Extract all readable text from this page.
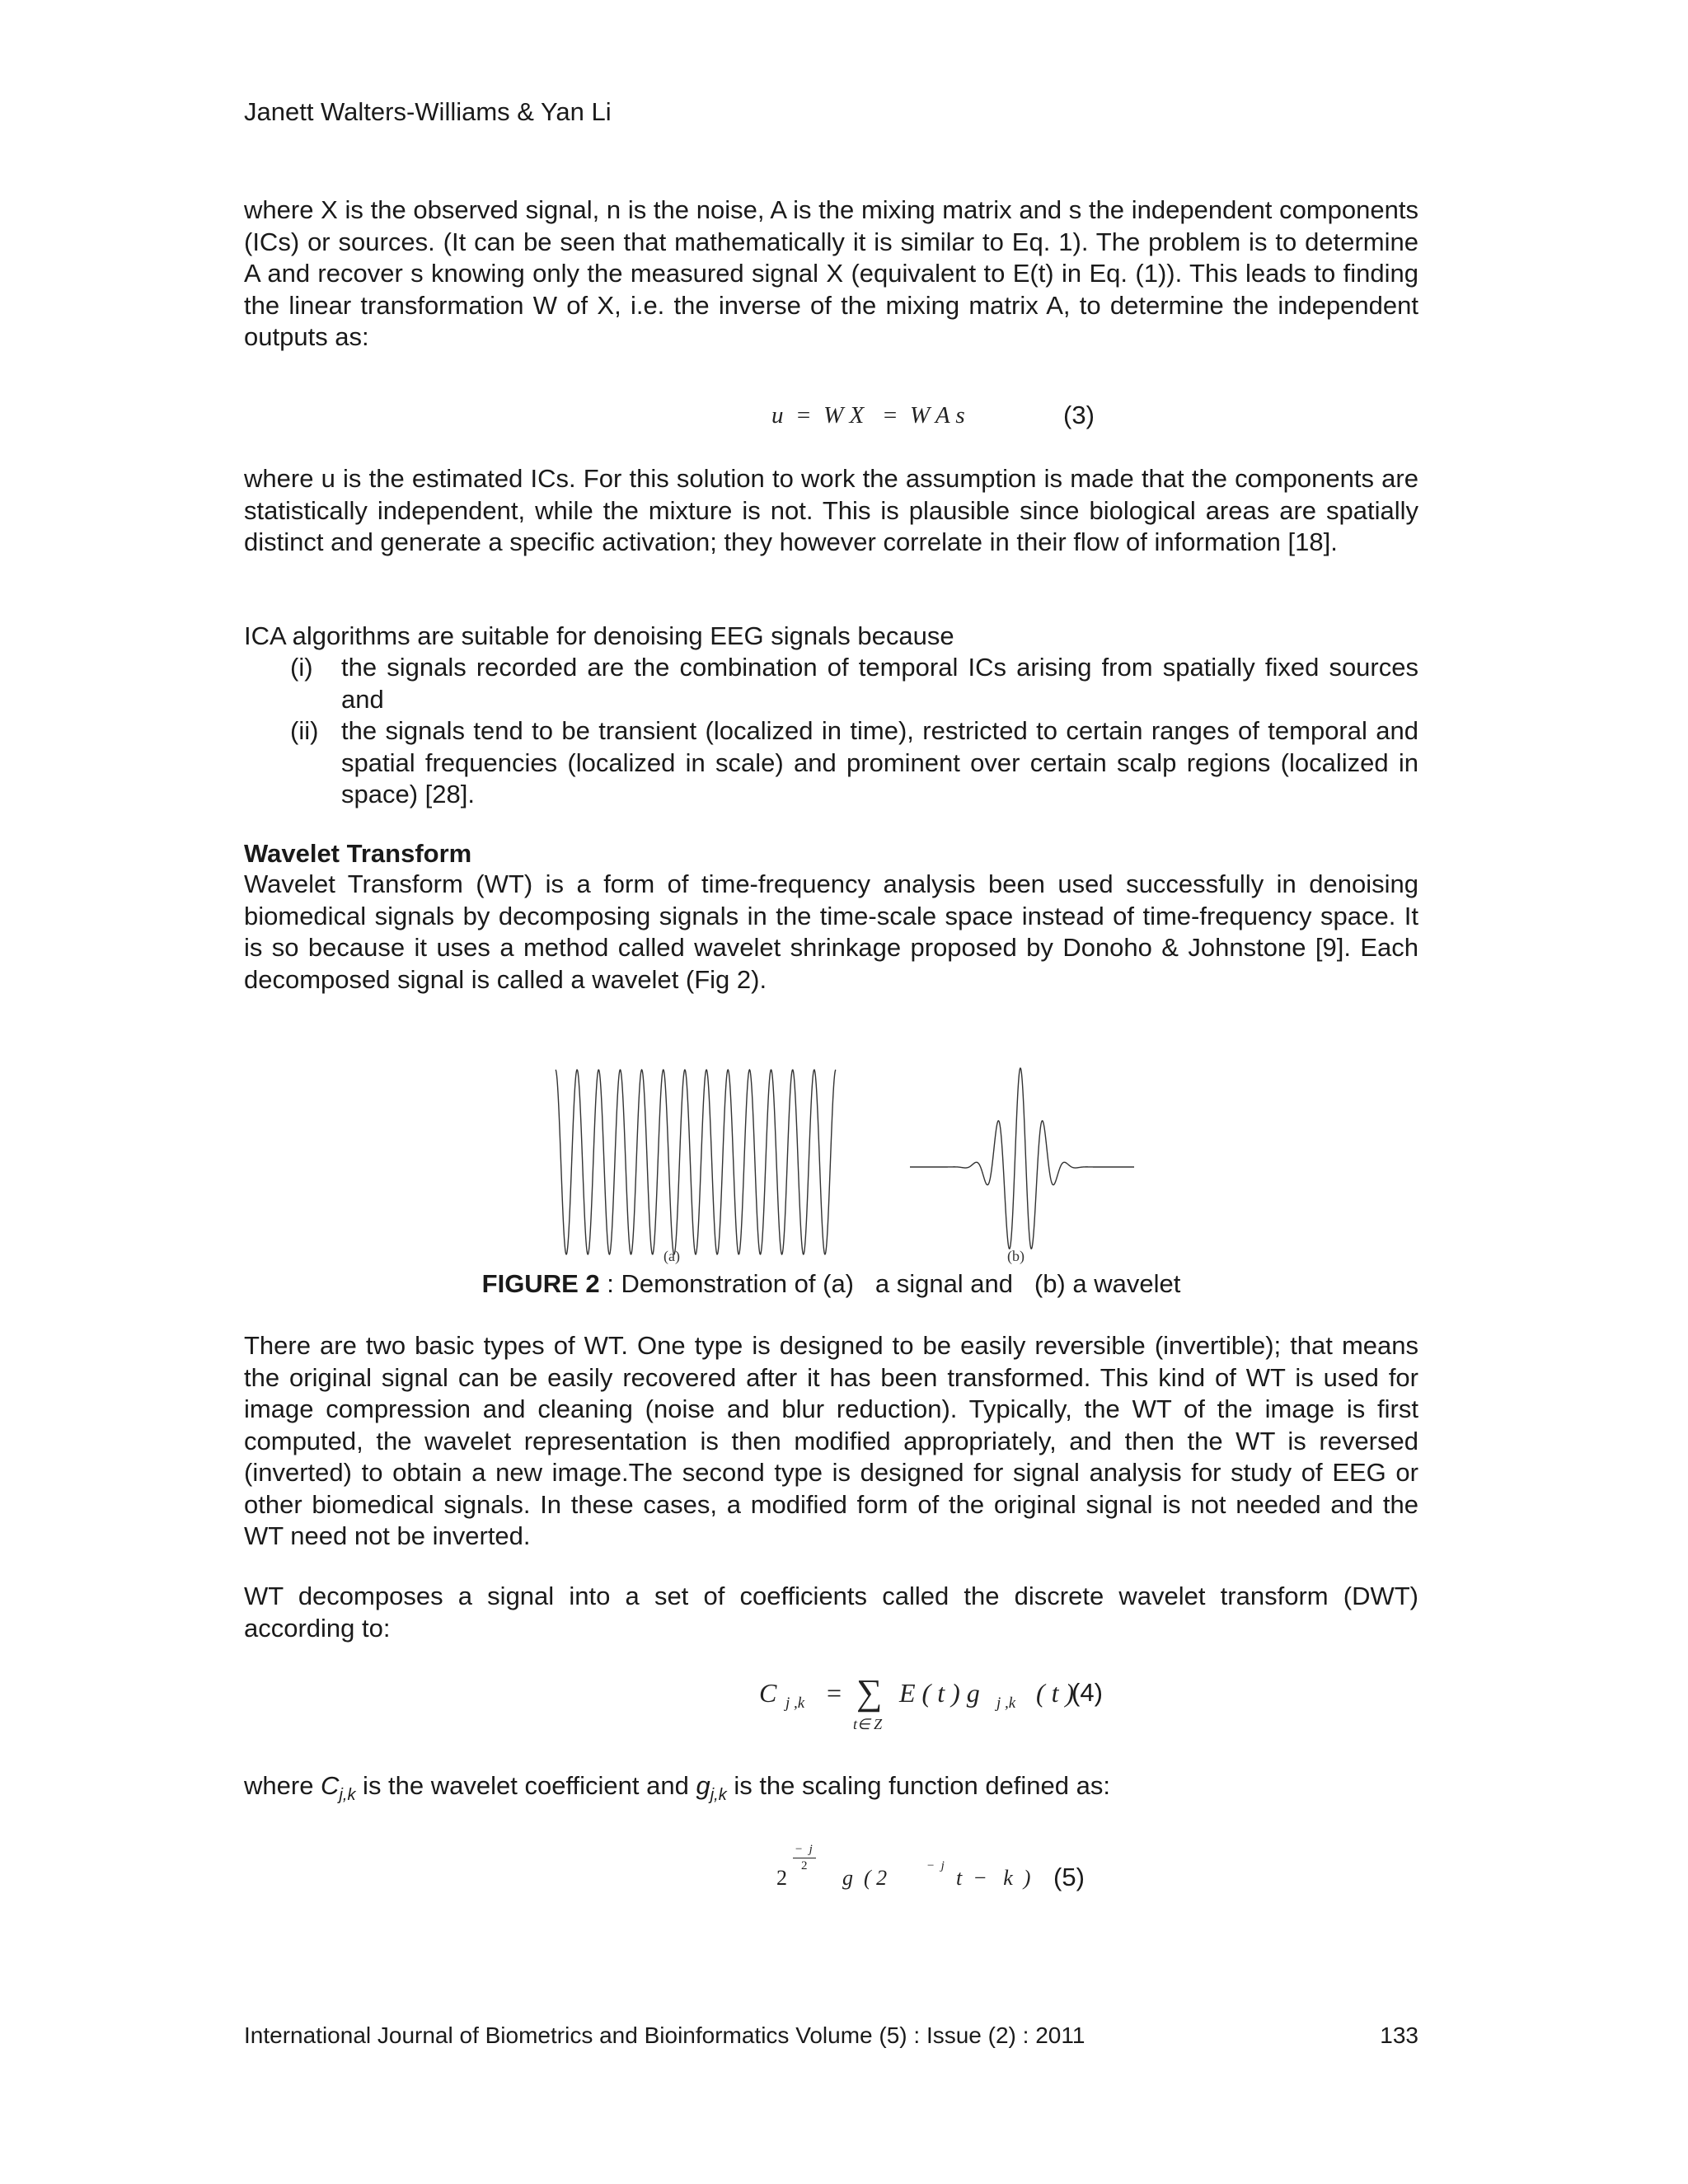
Janett Walters-Williams & Yan Li

where X is the observed signal, n is the noise, A is the mixing matrix and s the independent components (ICs) or sources. (It can be seen that mathematically it is similar to Eq. 1). The problem is to determine A and recover s knowing only the measured signal X (equivalent to E(t) in Eq. (1)). This leads to finding the linear transformation W of X, i.e. the inverse of the mixing matrix A, to determine the independent outputs as:

u  =  W X   =  W A s	(3)

where u is the estimated ICs. For this solution to work the assumption is made that the components are statistically independent, while the mixture is not. This is plausible since biological areas are spatially distinct and generate a specific activation; they however correlate in their flow of information [18].

ICA algorithms are suitable for denoising EEG signals because

(i) the signals recorded are the combination of temporal ICs arising from spatially fixed sources and
(ii) the signals tend to be transient (localized in time), restricted to certain ranges of temporal and spatial frequencies (localized in scale) and prominent over certain scalp regions (localized in space) [28].
Wavelet Transform

Wavelet Transform (WT) is a form of time-frequency analysis been used successfully in denoising biomedical signals by decomposing signals in the time-scale space instead of time-frequency space. It is so because it uses a method called wavelet shrinkage proposed by Donoho & Johnstone [9]. Each decomposed signal is called a wavelet (Fig 2).

(a)	(b)
FIGURE 2 : Demonstration of (a)   a signal and   (b) a wavelet

There are two basic types of WT. One type is designed to be easily reversible (invertible); that means the original signal can be easily recovered after it has been transformed. This kind of WT is used for image compression and cleaning (noise and blur reduction). Typically, the WT of the image is first computed, the wavelet representation is then modified appropriately, and then the WT is reversed (inverted) to obtain a new image.The second type is designed for signal analysis for study of EEG or other biomedical signals. In these cases, a modified form of the original signal is not needed and the WT need not be inverted.

WT decomposes a signal into a set of coefficients called the discrete wavelet transform (DWT) according to:

C j ,k = ∑
t∈ Z
E ( t ) g j ,k ( t )
(4)

where $C_{j,k}$ is the wavelet coefficient and $g_{j,k}$ is the scaling function defined as:

2
−  j
2 g  ( 2	−  j t  −   k  ) (5)
International Journal of Biometrics and Bioinformatics Volume (5) : Issue (2) : 2011	133
